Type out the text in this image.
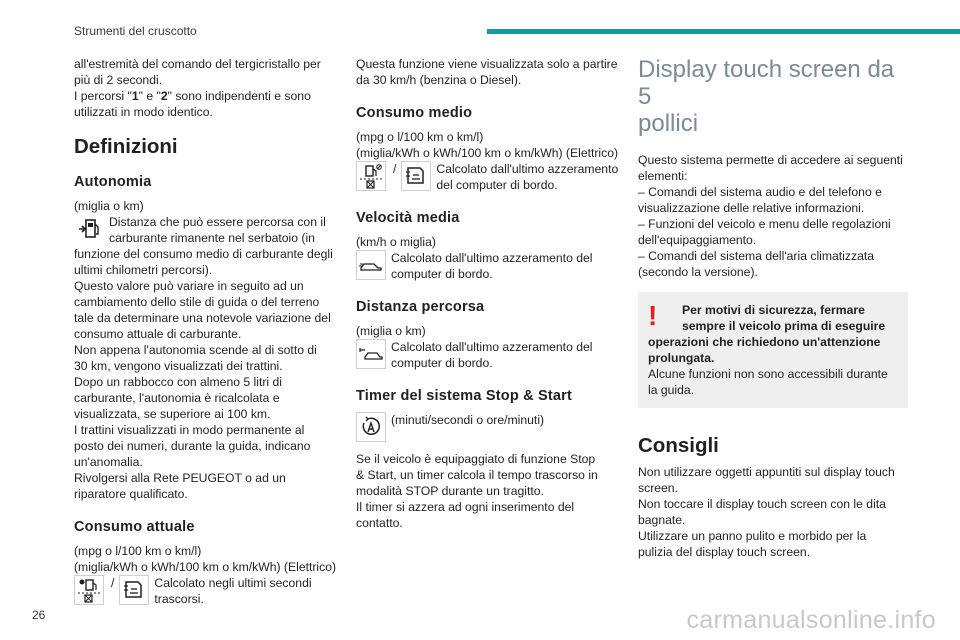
Strumenti del cruscotto

all'estremità del comando del tergicristallo per

più di 2 secondi.

I percorsi "1" e "2" sono indipendenti e sono

utilizzati in modo identico.

Definizioni
Autonomia

(miglia o km)

Distanza che può essere percorsa con il

carburante rimanente nel serbatoio (in

funzione del consumo medio di carburante degli

ultimi chilometri percorsi).

Questo valore può variare in seguito ad un

cambiamento dello stile di guida o del terreno

tale da determinare una notevole variazione del

consumo attuale di carburante.

Non appena l'autonomia scende al di sotto di

30 km, vengono visualizzati dei trattini.

Dopo un rabbocco con almeno 5 litri di

carburante, l'autonomia è ricalcolata e

visualizzata, se superiore ai 100 km.

I trattini visualizzati in modo permanente al

posto dei numeri, durante la guida, indicano

un'anomalia.

Rivolgersi alla Rete PEUGEOT o ad un

riparatore qualificato.

Consumo attuale

(mpg o l/100 km o km/l)

(miglia/kWh o kWh/100 km o km/kWh) (Elettrico)

/	Calcolato negli ultimi secondi

trascorsi.

Questa funzione viene visualizzata solo a partire

da 30 km/h (benzina o Diesel).

Consumo medio

(mpg o l/100 km o km/l)

(miglia/kWh o kWh/100 km o km/kWh) (Elettrico)

/	Calcolato dall'ultimo azzeramento

del computer di bordo.

Velocità media

(km/h o miglia)

Calcolato dall'ultimo azzeramento del

computer di bordo.

Distanza percorsa

(miglia o km)

Calcolato dall'ultimo azzeramento del

computer di bordo.

Timer del sistema Stop & Start

(minuti/secondi o ore/minuti)

Se il veicolo è equipaggiato di funzione Stop

& Start, un timer calcola il tempo trascorso in

modalità STOP durante un tragitto.

Il timer si azzera ad ogni inserimento del

contatto.

Display touch screen da 5
pollici

Questo sistema permette di accedere ai seguenti

elementi:

– Comandi del sistema audio e del telefono e

visualizzazione delle relative informazioni.

– Funzioni del veicolo e menu delle regolazioni

dell'equipaggiamento.

– Comandi del sistema dell'aria climatizzata

(secondo la versione).

!	Per motivi di sicurezza, fermare

sempre il veicolo prima di eseguire

operazioni che richiedono un'attenzione

prolungata.

Alcune funzioni non sono accessibili durante

la guida.

Consigli

Non utilizzare oggetti appuntiti sul display touch

screen.

Non toccare il display touch screen con le dita

bagnate.

Utilizzare un panno pulito e morbido per la

pulizia del display touch screen.

26	carmanualsonline.info
